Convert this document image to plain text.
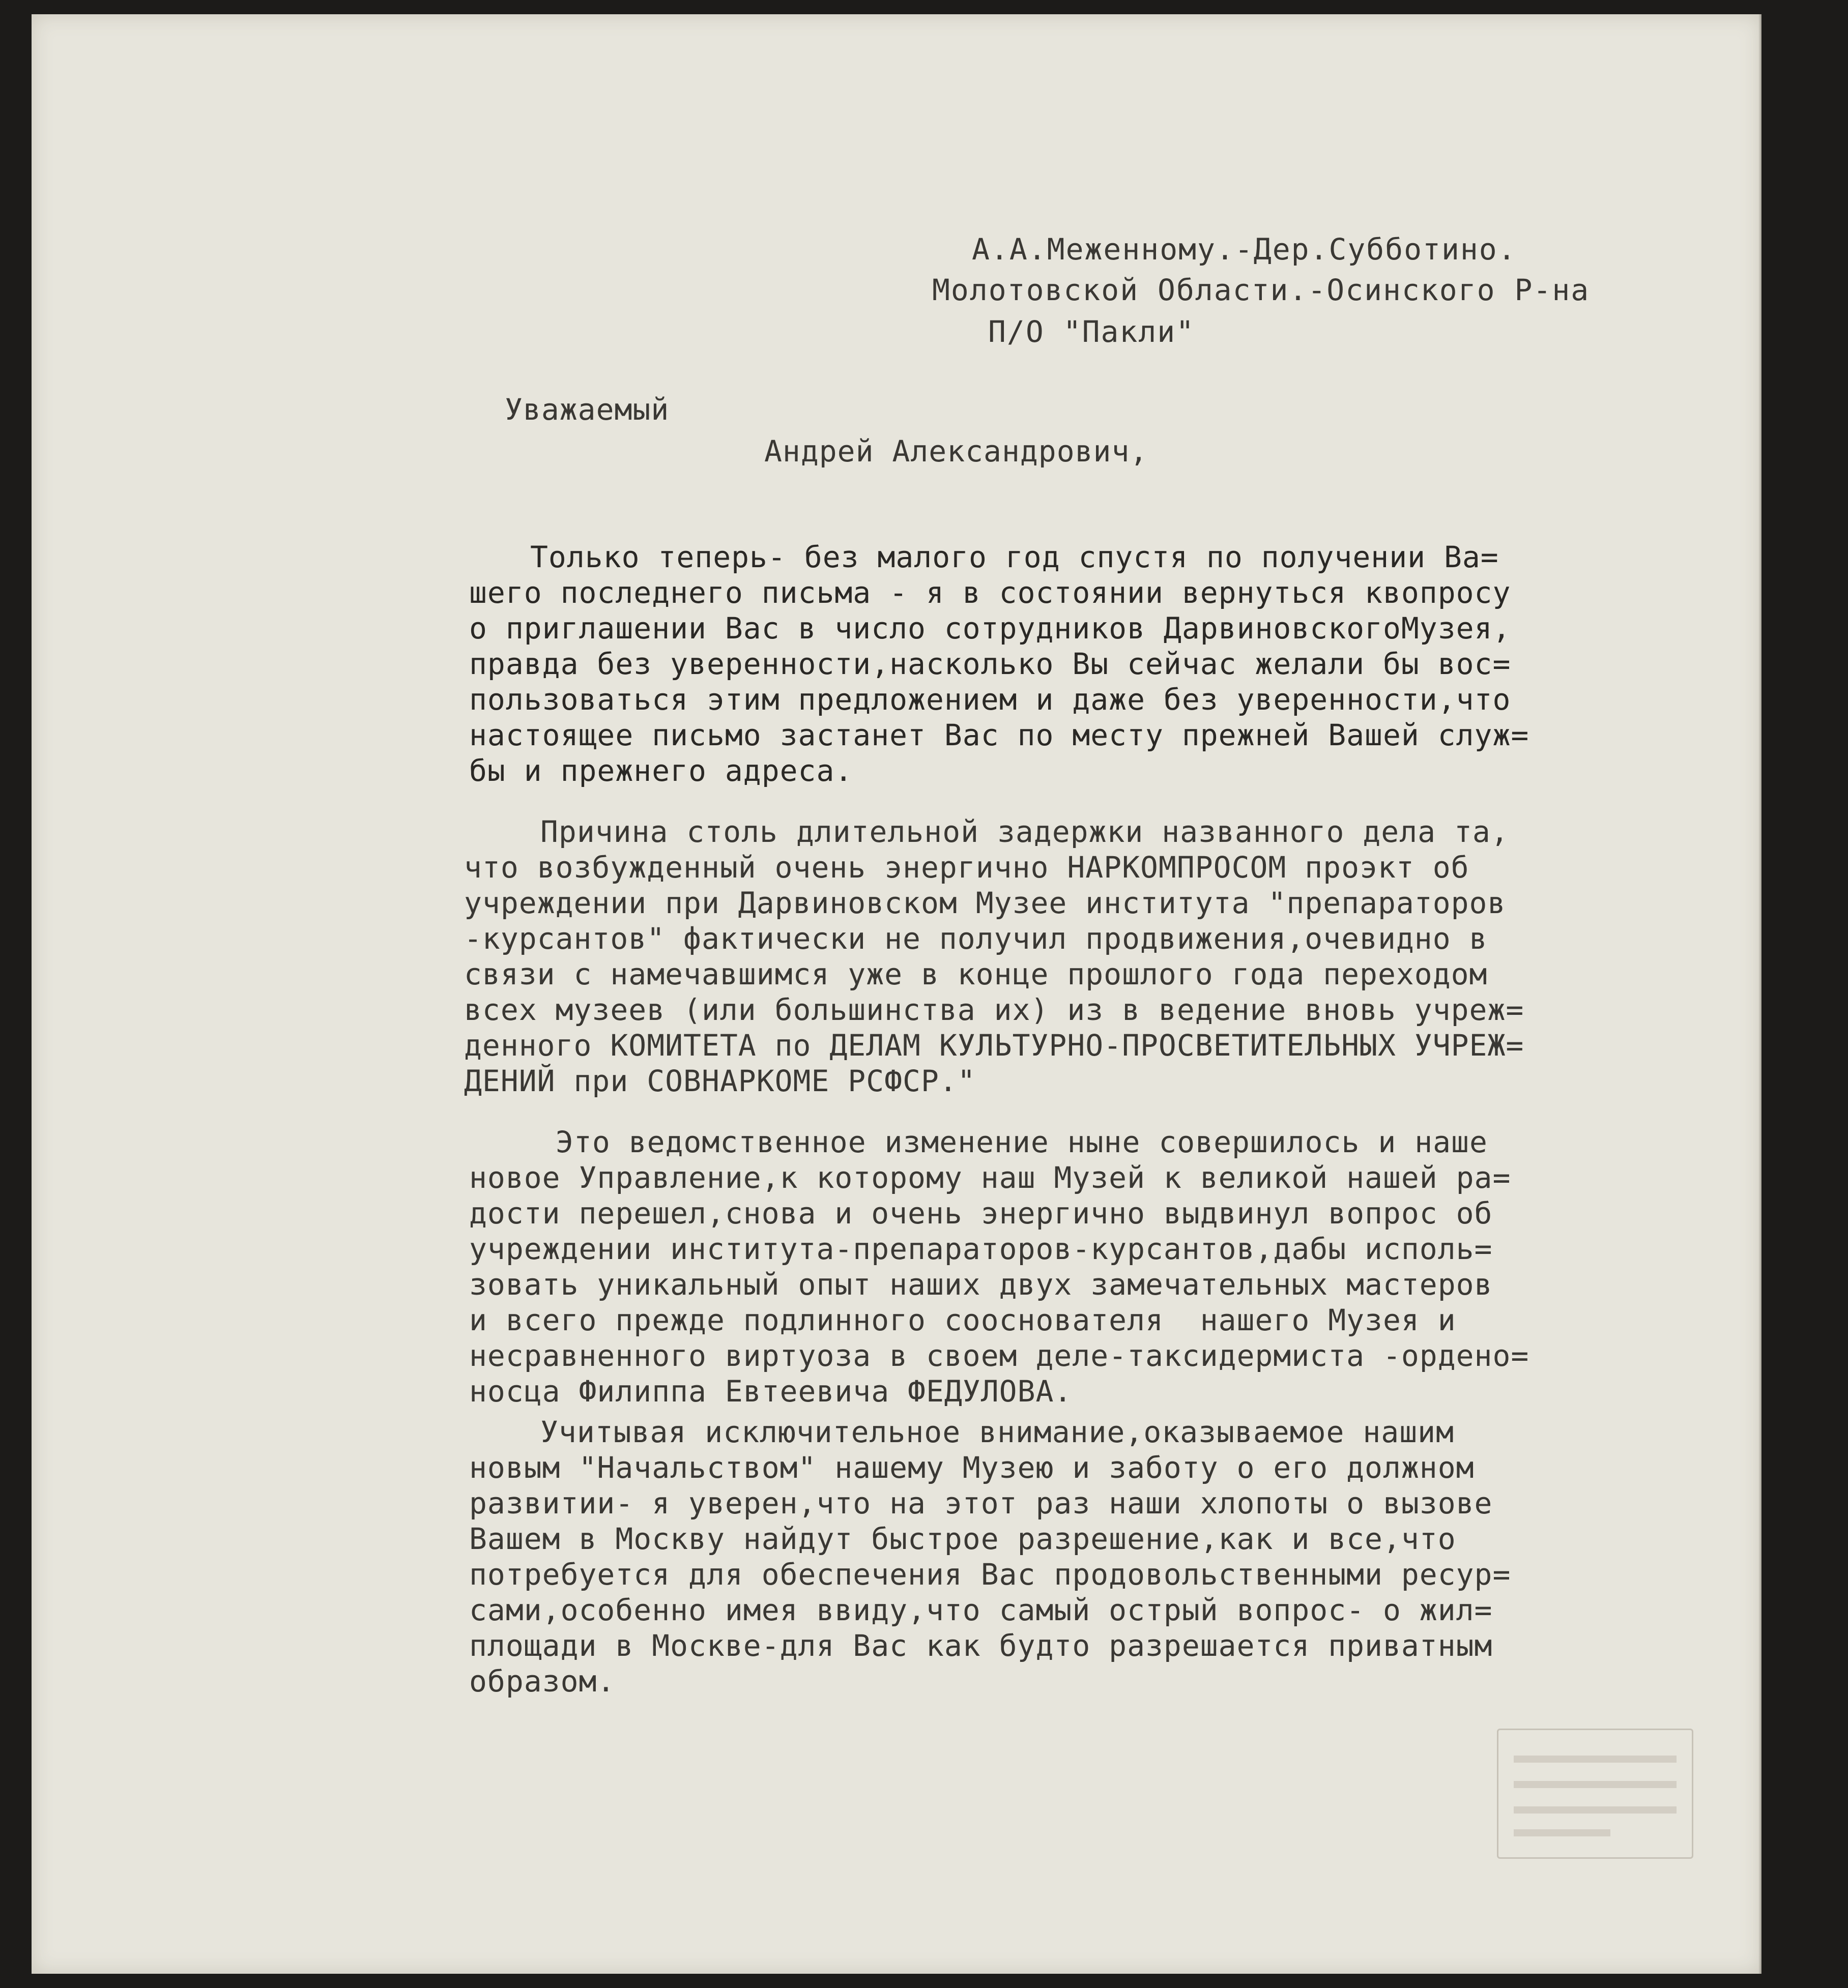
А.А.Меженному.-Дер.Субботино.
Молотовской Области.-Осинского Р-на
П/О "Пакли"
Уважаемый
Андрей Александрович,
Только теперь- без малого год спустя по получении Ва=
шего последнего письма - я в состоянии вернуться квопросу
о приглашении Вас в число сотрудников ДарвиновскогоМузея,
правда без уверенности,насколько Вы сейчас желали бы вос=
пользоваться этим предложением и даже без уверенности,что
настоящее письмо застанет Вас по месту прежней Вашей служ=
бы и прежнего адреса.
Причина столь длительной задержки названного дела та,
что возбужденный очень энергично НАРКОМПРОСОМ проэкт об
учреждении при Дарвиновском Музее института "препараторов
-курсантов" фактически не получил продвижения,очевидно в
связи с намечавшимся уже в конце прошлого года переходом
всех музеев (или большинства их) из в ведение вновь учреж=
денного КОМИТЕТА по ДЕЛАМ КУЛЬТУРНО-ПРОСВЕТИТЕЛЬНЫХ УЧРЕЖ=
ДЕНИЙ при СОВНАРКОМЕ РСФСР."
Это ведомственное изменение ныне совершилось и наше
новое Управление,к которому наш Музей к великой нашей ра=
дости перешел,снова и очень энергично выдвинул вопрос об
учреждении института-препараторов-курсантов,дабы исполь=
зовать уникальный опыт наших двух замечательных мастеров
и всего прежде подлинного сооснователя  нашего Музея и
несравненного виртуоза в своем деле-таксидермиста -ордено=
носца Филиппа Евтеевича ФЕДУЛОВА.
Учитывая исключительное внимание,оказываемое нашим
новым "Начальством" нашему Музею и заботу о его должном
развитии- я уверен,что на этот раз наши хлопоты о вызове
Вашем в Москву найдут быстрое разрешение,как и все,что
потребуется для обеспечения Вас продовольственными ресур=
сами,особенно имея ввиду,что самый острый вопрос- о жил=
площади в Москве-для Вас как будто разрешается приватным
образом.
